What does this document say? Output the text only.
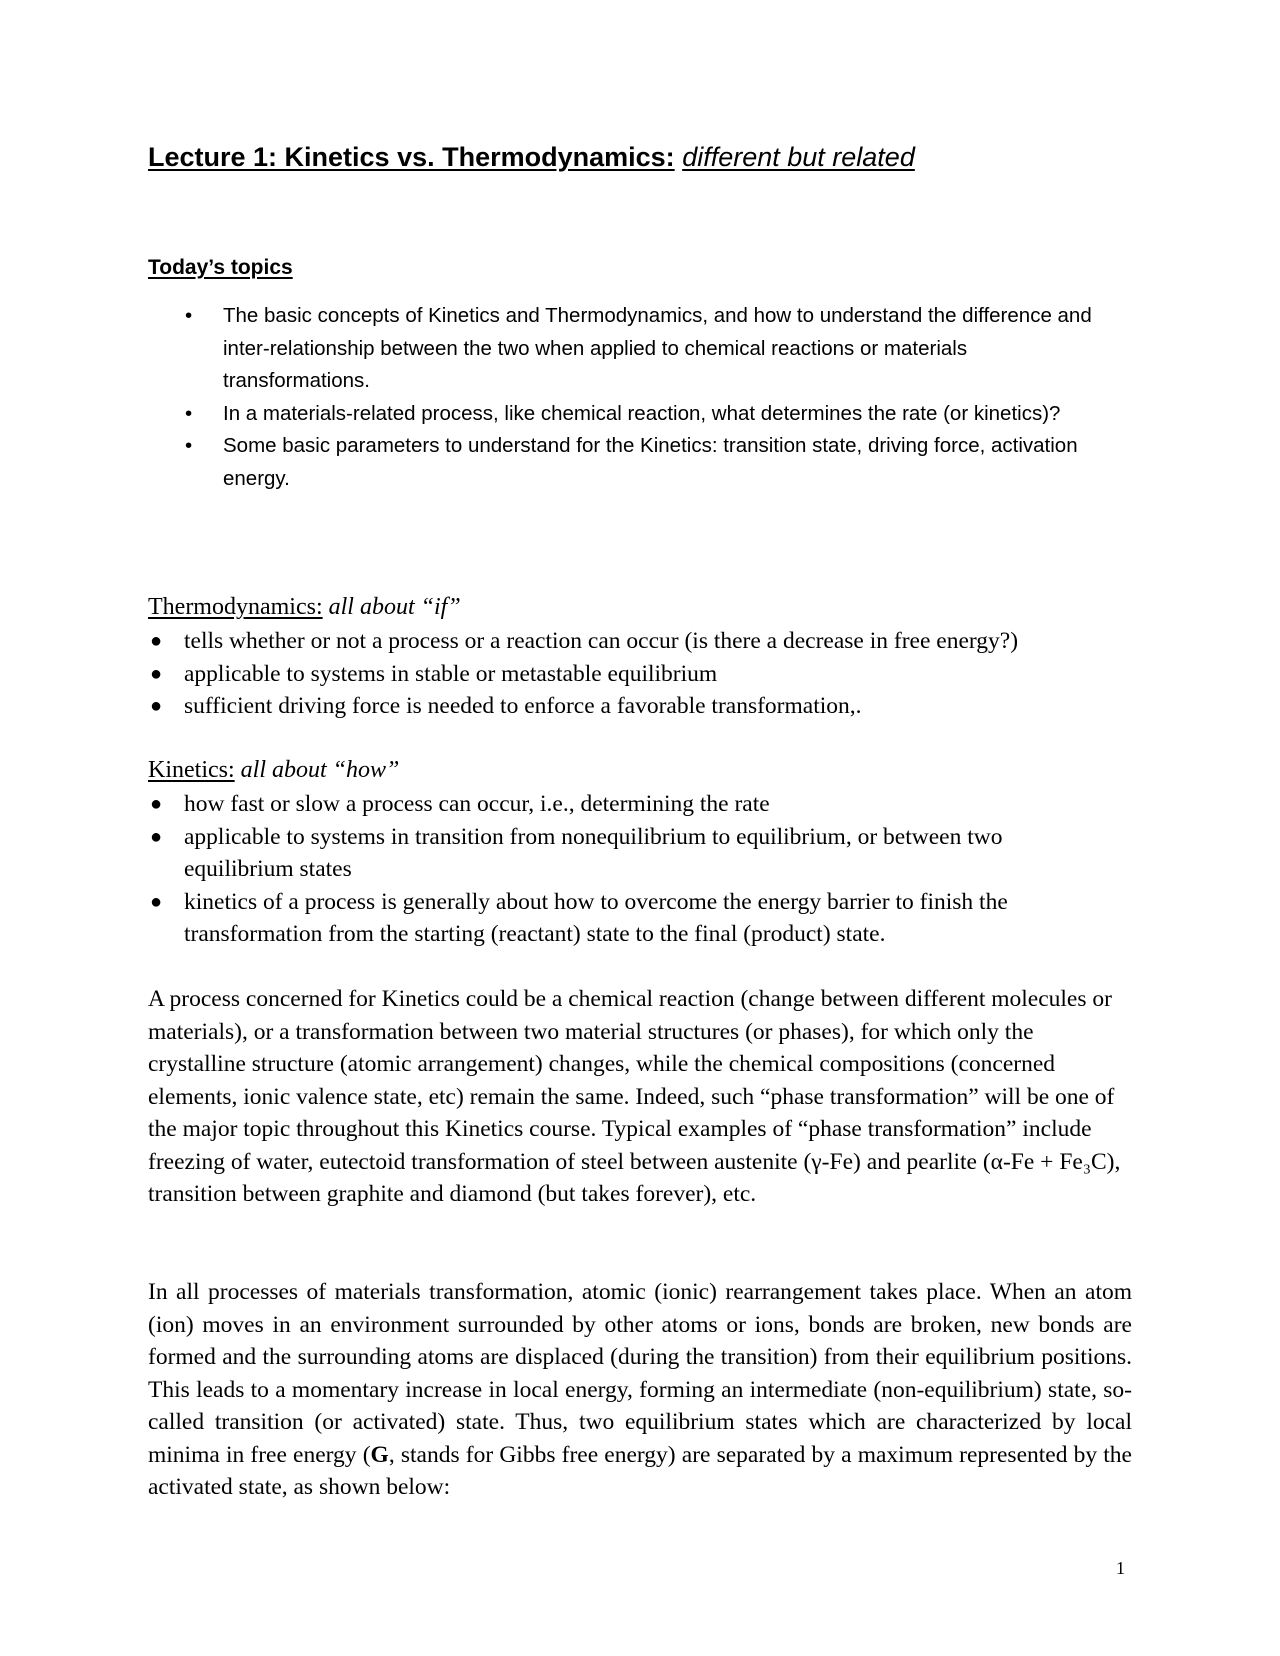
Lecture 1: Kinetics vs. Thermodynamics: different but related
Today’s topics
• The basic concepts of Kinetics and Thermodynamics, and how to understand the difference and inter-relationship between the two when applied to chemical reactions or materials transformations.
• In a materials-related process, like chemical reaction, what determines the rate (or kinetics)?
• Some basic parameters to understand for the Kinetics: transition state, driving force, activation energy.
Thermodynamics: all about “if”
● tells whether or not a process or a reaction can occur (is there a decrease in free energy?)
● applicable to systems in stable or metastable equilibrium
● sufficient driving force is needed to enforce a favorable transformation,.
Kinetics: all about “how”
● how fast or slow a process can occur, i.e., determining the rate
● applicable to systems in transition from nonequilibrium to equilibrium, or between two equilibrium states
● kinetics of a process is generally about how to overcome the energy barrier to finish the transformation from the starting (reactant) state to the final (product) state.

A process concerned for Kinetics could be a chemical reaction (change between different molecules or materials), or a transformation between two material structures (or phases), for which only the crystalline structure (atomic arrangement) changes, while the chemical compositions (concerned elements, ionic valence state, etc) remain the same. Indeed, such “phase transformation” will be one of the major topic throughout this Kinetics course. Typical examples of “phase transformation” include freezing of water, eutectoid transformation of steel between austenite (γ-Fe) and pearlite (α-Fe + Fe₃C), transition between graphite and diamond (but takes forever), etc.

In all processes of materials transformation, atomic (ionic) rearrangement takes place. When an atom (ion) moves in an environment surrounded by other atoms or ions, bonds are broken, new bonds are formed and the surrounding atoms are displaced (during the transition) from their equilibrium positions. This leads to a momentary increase in local energy, forming an intermediate (non-equilibrium) state, so-called transition (or activated) state. Thus, two equilibrium states which are characterized by local minima in free energy (G, stands for Gibbs free energy) are separated by a maximum represented by the activated state, as shown below:

1
